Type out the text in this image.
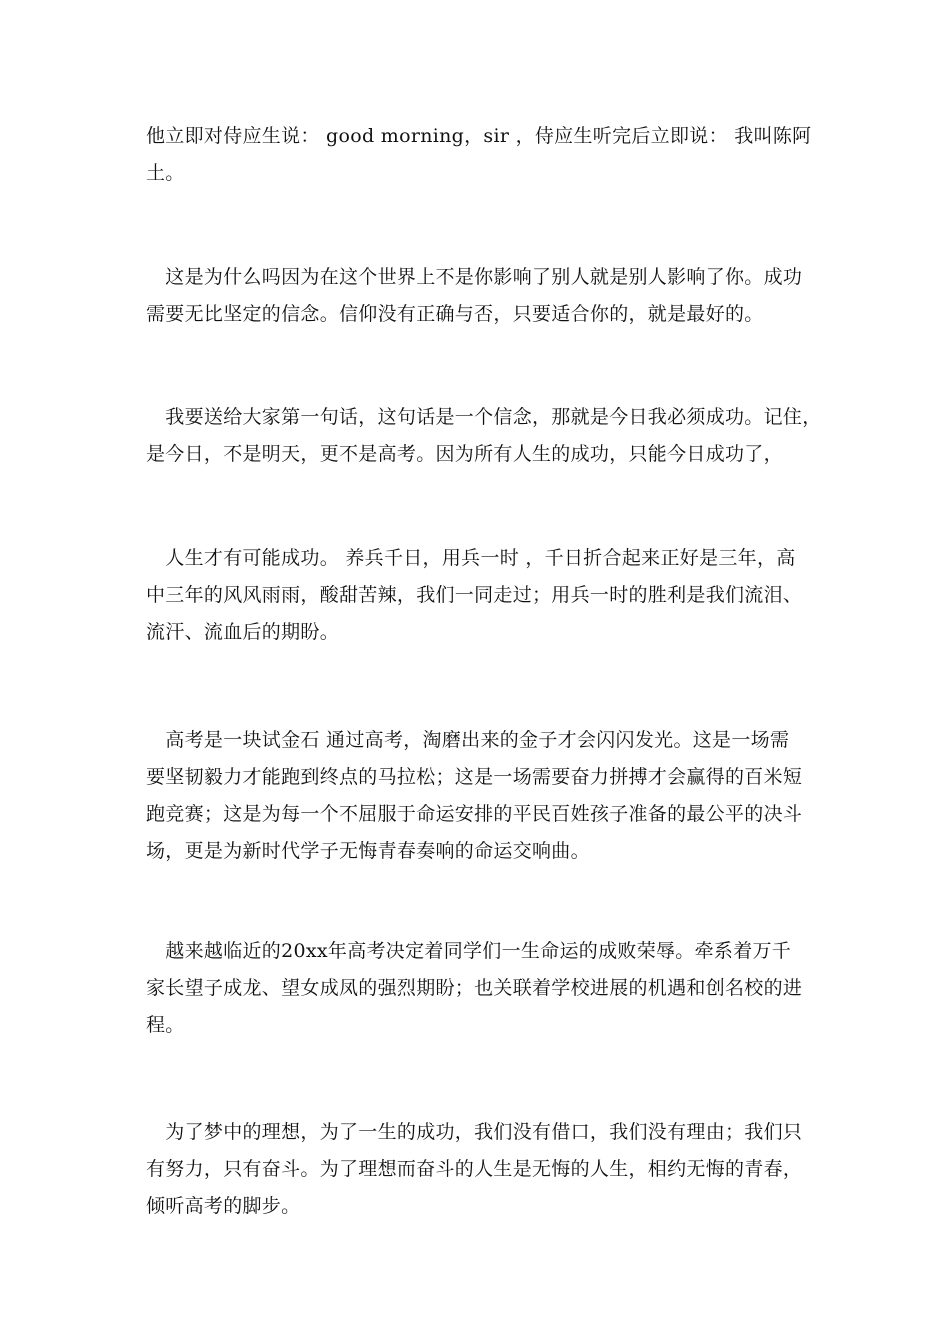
他立即对侍应生说： good morning，sir ，侍应生听完后立即说： 我叫陈阿
土。

　这是为什么吗因为在这个世界上不是你影响了别人就是别人影响了你。成功
需要无比坚定的信念。信仰没有正确与否，只要适合你的，就是最好的。

　我要送给大家第一句话，这句话是一个信念，那就是今日我必须成功。记住，
是今日，不是明天，更不是高考。因为所有人生的成功，只能今日成功了，

　人生才有可能成功。 养兵千日，用兵一时 ，千日折合起来正好是三年，高
中三年的风风雨雨，酸甜苦辣，我们一同走过；用兵一时的胜利是我们流泪、
流汗、流血后的期盼。

　高考是一块试金石 通过高考，淘磨出来的金子才会闪闪发光。这是一场需
要坚韧毅力才能跑到终点的马拉松；这是一场需要奋力拼搏才会赢得的百米短
跑竞赛；这是为每一个不屈服于命运安排的平民百姓孩子准备的最公平的决斗
场，更是为新时代学子无悔青春奏响的命运交响曲。

　越来越临近的20xx年高考决定着同学们一生命运的成败荣辱。牵系着万千
家长望子成龙、望女成凤的强烈期盼；也关联着学校进展的机遇和创名校的进
程。

　为了梦中的理想，为了一生的成功，我们没有借口，我们没有理由；我们只
有努力，只有奋斗。为了理想而奋斗的人生是无悔的人生，相约无悔的青春，
倾听高考的脚步。
